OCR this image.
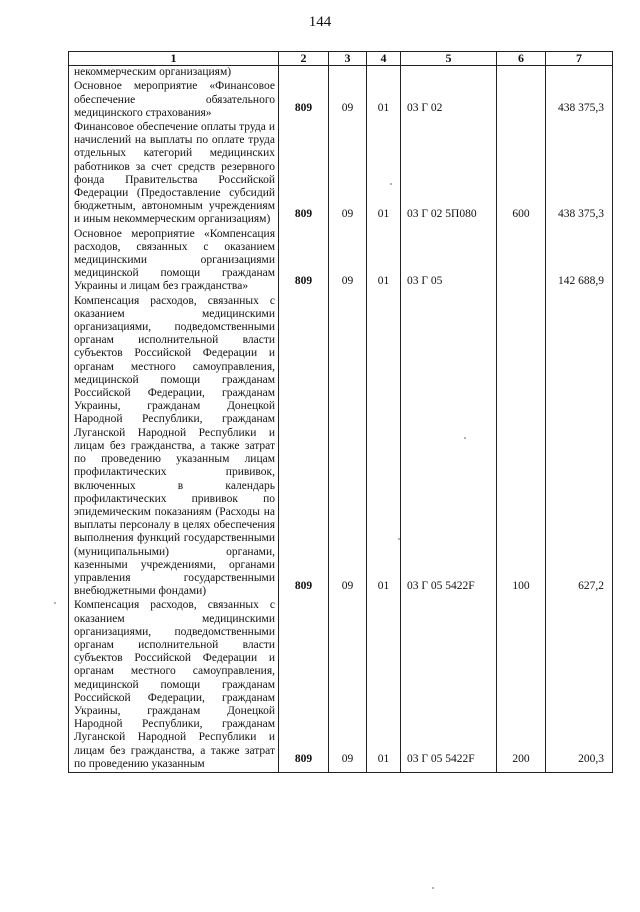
144
1	2	3	4	5	6	7

некоммерческим организациям)						

Основное мероприятие «Финансовое обеспечение обязательного медицинского страхования»	809	09	01	03 Г 02		438 375,3

Финансовое обеспечение оплаты труда и начислений на выплаты по оплате труда отдельных категорий медицинских работников за счет средств резервного фонда Правительства Российской Федерации (Предоставление субсидий бюджетным, автономным учреждениям и иным некоммерческим организациям)	809	09	01	03 Г 02 5П080	600	438 375,3

Основное мероприятие «Компенсация расходов, связанных с оказанием медицинскими организациями медицинской помощи гражданам Украины и лицам без гражданства»	809	09	01	03 Г 05		142 688,9

Компенсация расходов, связанных с оказанием медицинскими организациями, подведомственными органам исполнительной власти субъектов Российской Федерации и органам местного самоуправления, медицинской помощи гражданам Российской Федерации, гражданам Украины, гражданам Донецкой Народной Республики, гражданам Луганской Народной Республики и лицам без гражданства, а также затрат по проведению указанным лицам профилактических прививок, включенных в календарь профилактических прививок по эпидемическим показаниям (Расходы на выплаты персоналу в целях обеспечения выполнения функций государственными (муниципальными) органами, казенными учреждениями, органами управления государственными внебюджетными фондами)	809	09	01	03 Г 05 5422F	100	627,2

Компенсация расходов, связанных с оказанием медицинскими организациями, подведомственными органам исполнительной власти субъектов Российской Федерации и органам местного самоуправления, медицинской помощи гражданам Российской Федерации, гражданам Украины, гражданам Донецкой Народной Республики, гражданам Луганской Народной Республики и лицам без гражданства, а также затрат по проведению указанным	809	09	01	03 Г 05 5422F	200	200,3
